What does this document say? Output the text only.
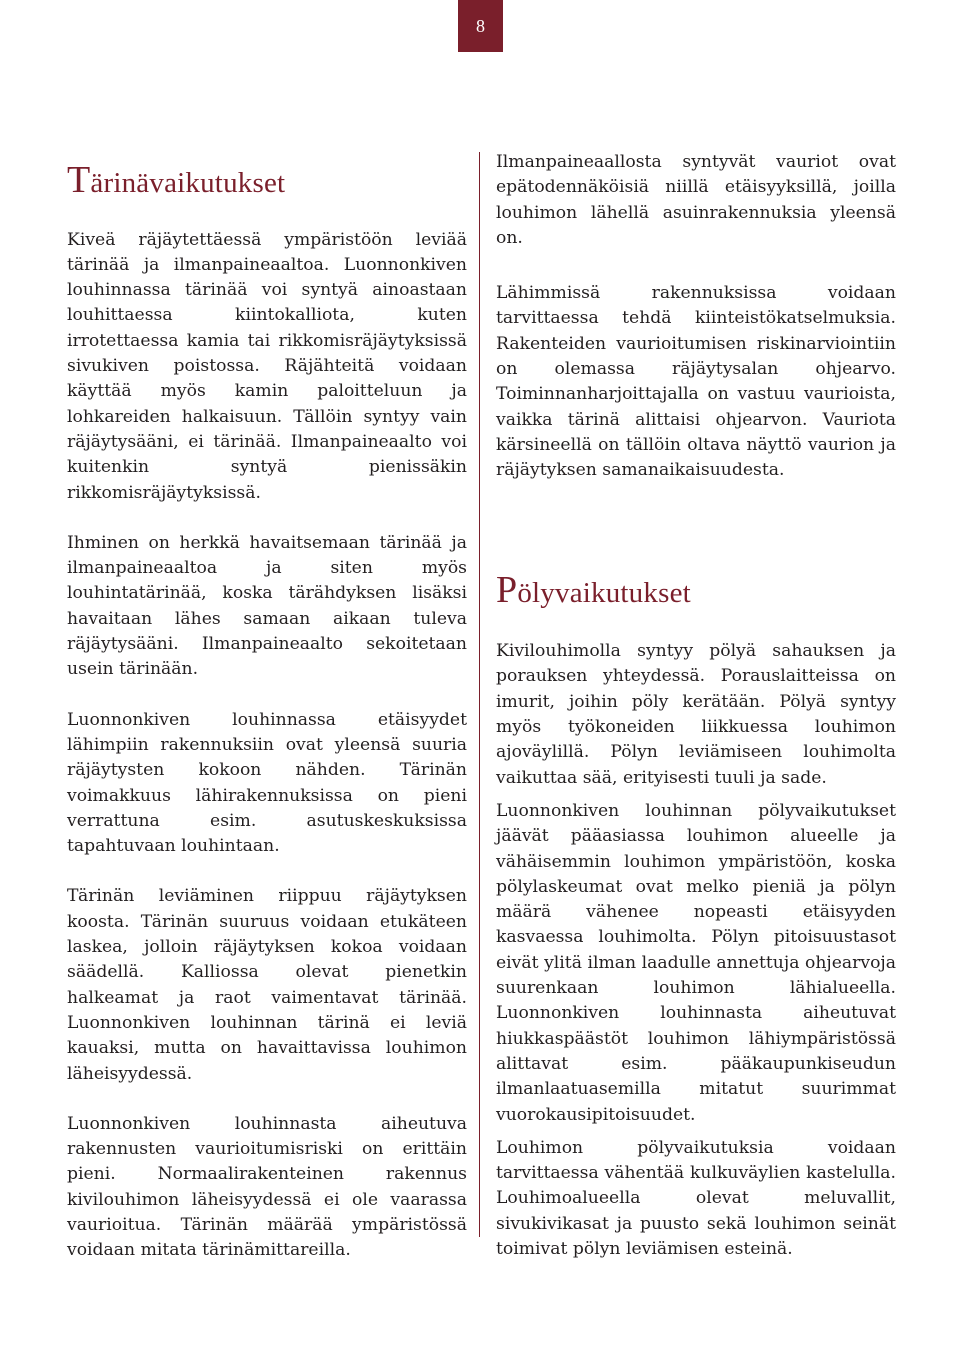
8
Tärinävaikutukset

Kiveä räjäytettäessä ympäristöön leviää tärinää ja ilmanpaineaaltoa. Luonnonkiven louhinnassa tärinää voi syntyä ainoastaan louhittaessa kiintokalliota, kuten irrotettaessa kamia tai rikkomisräjäytyksissä sivukiven poistossa. Räjähteitä voidaan käyttää myös kamin paloitteluun ja lohkareiden halkaisuun. Tällöin syntyy vain räjäytysääni, ei tärinää. Ilmanpaineaalto voi kuitenkin syntyä pienissäkin rikkomisräjäytyksissä.

Ihminen on herkkä havaitsemaan tärinää ja ilmanpaineaaltoa ja siten myös louhintatärinää, koska tärähdyksen lisäksi havaitaan lähes samaan aikaan tuleva räjäytysääni. Ilmanpaineaalto sekoitetaan usein tärinään.

Luonnonkiven louhinnassa etäisyydet lähimpiin rakennuksiin ovat yleensä suuria räjäytysten kokoon nähden. Tärinän voimakkuus lähirakennuksissa on pieni verrattuna esim. asutuskeskuksissa tapahtuvaan louhintaan.

Tärinän leviäminen riippuu räjäytyksen koosta. Tärinän suuruus voidaan etukäteen laskea, jolloin räjäytyksen kokoa voidaan säädellä. Kalliossa olevat pienetkin halkeamat ja raot vaimentavat tärinää. Luonnonkiven louhinnan tärinä ei leviä kauaksi, mutta on havaittavissa louhimon läheisyydessä.

Luonnonkiven louhinnasta aiheutuva rakennusten vaurioitumisriski on erittäin pieni. Normaalirakenteinen rakennus kivilouhimon läheisyydessä ei ole vaarassa vaurioitua. Tärinän määrää ympäristössä voidaan mitata tärinämittareilla.

Ilmanpaineaallosta syntyvät vauriot ovat epätodennäköisiä niillä etäisyyksillä, joilla louhimon lähellä asuinrakennuksia yleensä on.

Lähimmissä rakennuksissa voidaan tarvittaessa tehdä kiinteistökatselmuksia. Rakenteiden vaurioitumisen riskinarviointiin on olemassa räjäytysalan ohjearvo. Toiminnanharjoittajalla on vastuu vaurioista, vaikka tärinä alittaisi ohjearvon. Vauriota kärsineellä on tällöin oltava näyttö vaurion ja räjäytyksen samanaikaisuudesta.

Pölyvaikutukset

Kivilouhimolla syntyy pölyä sahauksen ja porauksen yhteydessä. Porauslaitteissa on imurit, joihin pöly kerätään. Pölyä syntyy myös työkoneiden liikkuessa louhimon ajoväylillä. Pölyn leviämiseen louhimolta vaikuttaa sää, erityisesti tuuli ja sade.

Luonnonkiven louhinnan pölyvaikutukset jäävät pääasiassa louhimon alueelle ja vähäisemmin louhimon ympäristöön, koska pölylaskeumat ovat melko pieniä ja pölyn määrä vähenee nopeasti etäisyyden kasvaessa louhimolta. Pölyn pitoisuustasot eivät ylitä ilman laadulle annettuja ohjearvoja suurenkaan louhimon lähialueella. Luonnonkiven louhinnasta aiheutuvat hiukkaspäästöt louhimon lähiympäristössä alittavat esim. pääkaupunkiseudun ilmanlaatuasemilla mitatut suurimmat vuorokausipitoisuudet.

Louhimon pölyvaikutuksia voidaan tarvittaessa vähentää kulkuväylien kastelulla. Louhimoalueella olevat meluvallit, sivukivikasat ja puusto sekä louhimon seinät toimivat pölyn leviämisen esteinä.
